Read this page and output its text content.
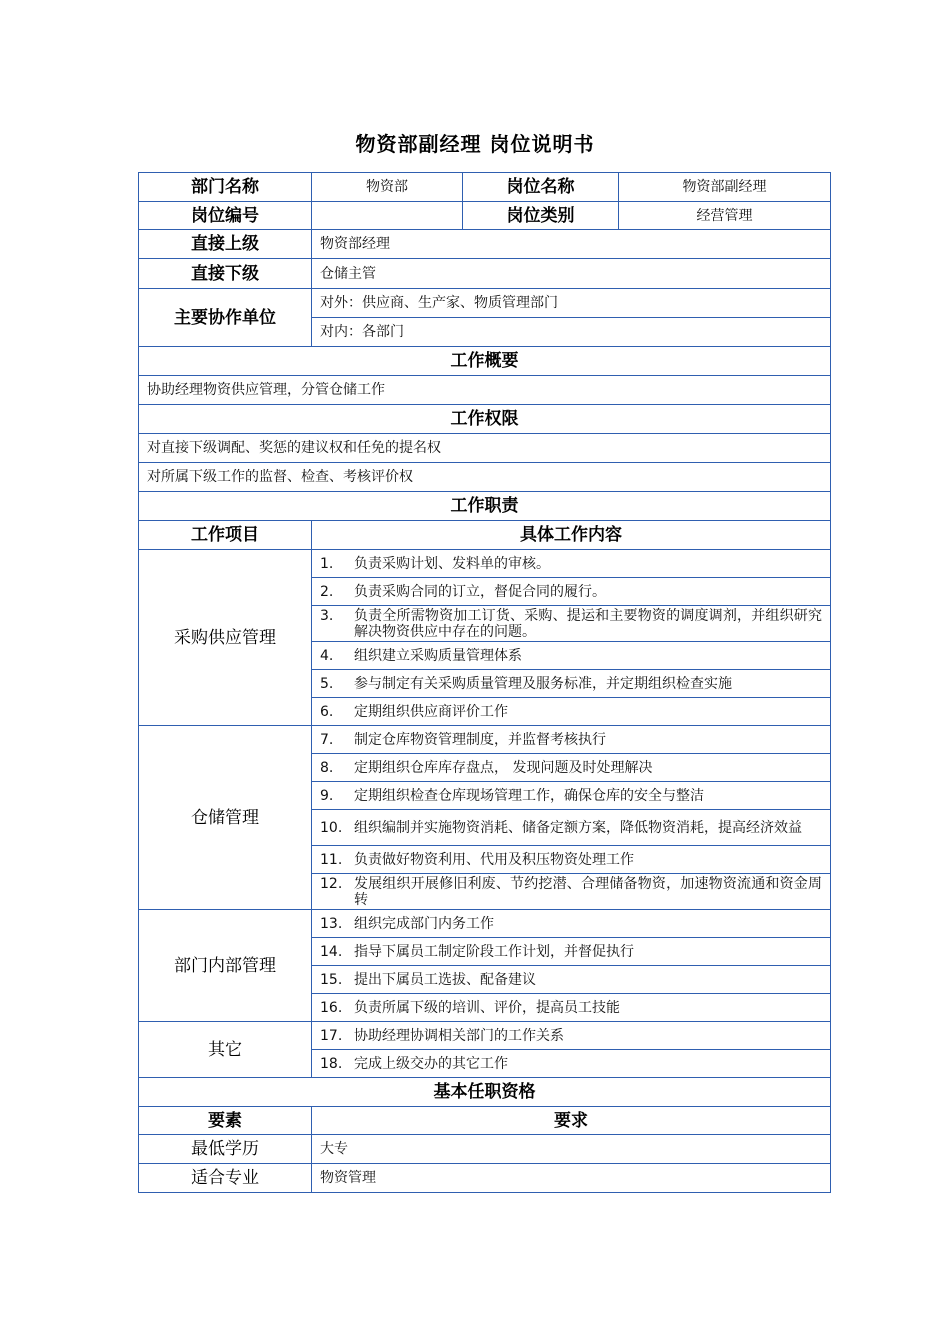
物资部副经理 岗位说明书
部门名称	物资部	岗位名称	物资部副经理
岗位编号		岗位类别	经营管理
直接上级	物资部经理		
直接下级	仓储主管		
主要协作单位	对外：供应商、生产家、物质管理部门		
	对内：各部门		
工作概要			
协助经理物资供应管理，分管仓储工作			
工作权限			
对直接下级调配、奖惩的建议权和任免的提名权			
对所属下级工作的监督、检查、考核评价权			
工作职责			
工作项目	具体工作内容		
采购供应管理	1. 负责采购计划、发料单的审核。		

	2. 负责采购合同的订立，督促合同的履行。		

	3. 负责全所需物资加工订货、采购、提运和主要物资的调度调剂，并组织研究解决物资供应中存在的问题。		

	4. 组织建立采购质量管理体系		

	5. 参与制定有关采购质量管理及服务标准，并定期组织检查实施		

	6. 定期组织供应商评价工作		

仓储管理	7. 制定仓库物资管理制度，并监督考核执行		

	8. 定期组织仓库库存盘点， 发现问题及时处理解决		

	9. 定期组织检查仓库现场管理工作，确保仓库的安全与整洁		

	10. 组织编制并实施物资消耗、储备定额方案，降低物资消耗，提高经济效益		

	11. 负责做好物资利用、代用及积压物资处理工作		

	12. 发展组织开展修旧利废、节约挖潜、合理储备物资，加速物资流通和资金周转		

部门内部管理	13. 组织完成部门内务工作		

	14. 指导下属员工制定阶段工作计划，并督促执行		

	15. 提出下属员工选拔、配备建议		

	16. 负责所属下级的培训、评价，提高员工技能		

其它	17. 协助经理协调相关部门的工作关系		

	18. 完成上级交办的其它工作		

基本任职资格			
要素	要求		
最低学历	大专		
适合专业	物资管理		
